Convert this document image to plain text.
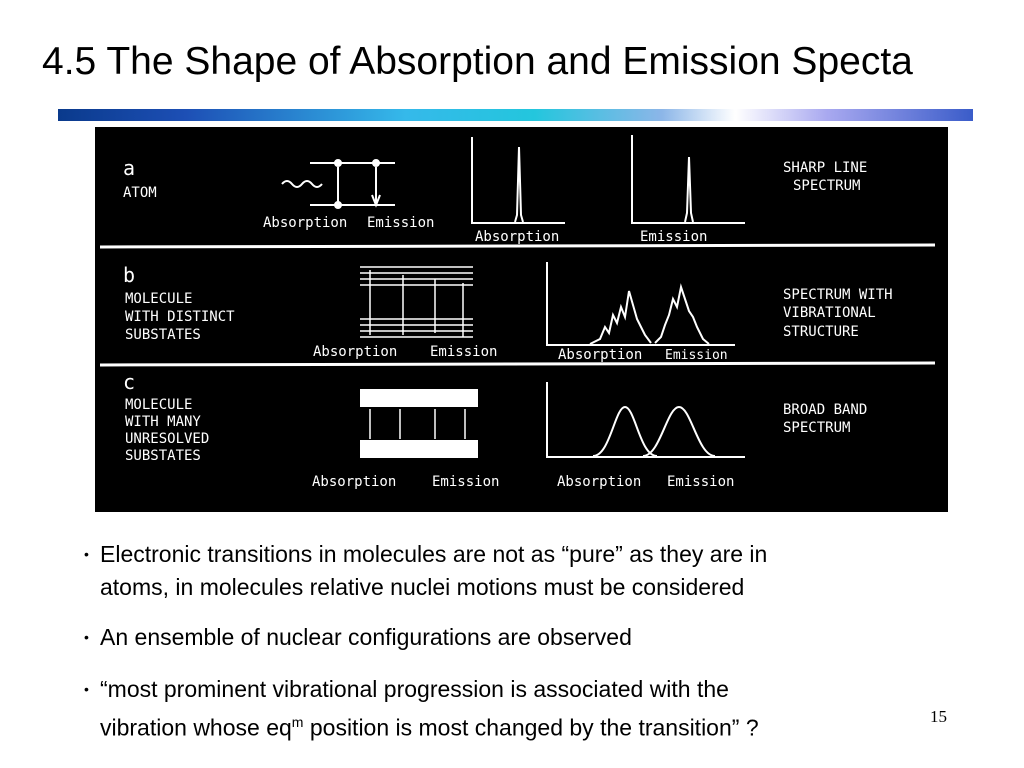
4.5 The Shape of Absorption and Emission Specta
a
ATOM
Absorption Emission
Absorption	Emission
SHARP LINE
SPECTRUM
b
MOLECULE
WITH DISTINCT
SUBSTATES
Absorption Emission	Absorption Emission
SPECTRUM WITH
VIBRATIONAL
STRUCTURE
c
MOLECULE
WITH MANY
UNRESOLVED
SUBSTATES
Absorption	Emission	Absorption Emission
BROAD BAND
SPECTRUM
• Electronic transitions in molecules are not as “pure” as they are in
atoms, in molecules relative nuclei motions must be considered
• An ensemble of nuclear configurations are observed
• “most prominent vibrational progression is associated with the
vibration whose $eq^m$ position is most changed by the transition” ?	15
